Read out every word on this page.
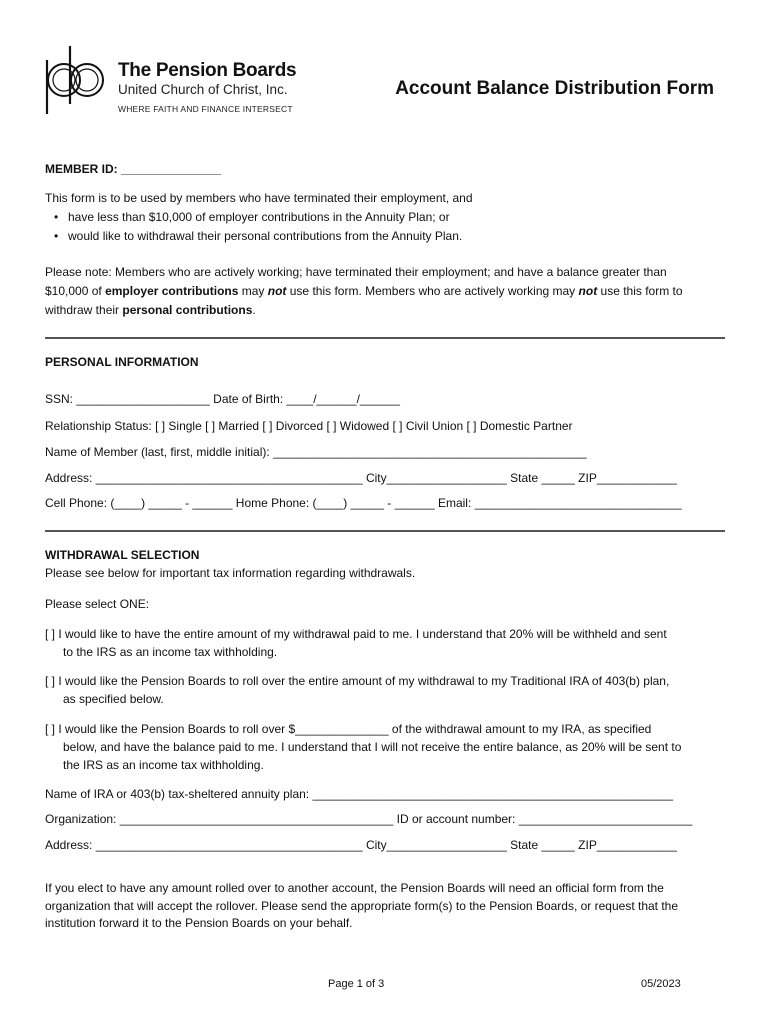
The Pension Boards
United Church of Christ, Inc.
WHERE FAITH AND FINANCE INTERSECT
Account Balance Distribution Form
MEMBER ID: _______________
This form is to be used by members who have terminated their employment, and
• have less than $10,000 of employer contributions in the Annuity Plan; or
• would like to withdrawal their personal contributions from the Annuity Plan.
Please note: Members who are actively working; have terminated their employment; and have a balance greater than
$10,000 of employer contributions may not use this form. Members who are actively working may not use this form to
withdraw their personal contributions.
PERSONAL INFORMATION
SSN: ____________________ Date of Birth: ____/______/______
Relationship Status: [ ] Single [ ] Married [ ] Divorced [ ] Widowed [ ] Civil Union [ ] Domestic Partner
Name of Member (last, first, middle initial): _______________________________________________
Address: ________________________________________ City__________________ State _____ ZIP____________
Cell Phone: (____) _____ - ______ Home Phone: (____) _____ - ______ Email: _______________________________
WITHDRAWAL SELECTION
Please see below for important tax information regarding withdrawals.
Please select ONE:
[ ] I would like to have the entire amount of my withdrawal paid to me. I understand that 20% will be withheld and sent
to the IRS as an income tax withholding.
[ ] I would like the Pension Boards to roll over the entire amount of my withdrawal to my Traditional IRA of 403(b) plan,
as specified below.
[ ] I would like the Pension Boards to roll over $______________ of the withdrawal amount to my IRA, as specified
below, and have the balance paid to me. I understand that I will not receive the entire balance, as 20% will be sent to
the IRS as an income tax withholding.
Name of IRA or 403(b) tax-sheltered annuity plan: ______________________________________________________
Organization: _________________________________________ ID or account number: __________________________
Address: ________________________________________ City__________________ State _____ ZIP____________
If you elect to have any amount rolled over to another account, the Pension Boards will need an official form from the
organization that will accept the rollover. Please send the appropriate form(s) to the Pension Boards, or request that the
institution forward it to the Pension Boards on your behalf.
Page 1 of 3	05/2023
